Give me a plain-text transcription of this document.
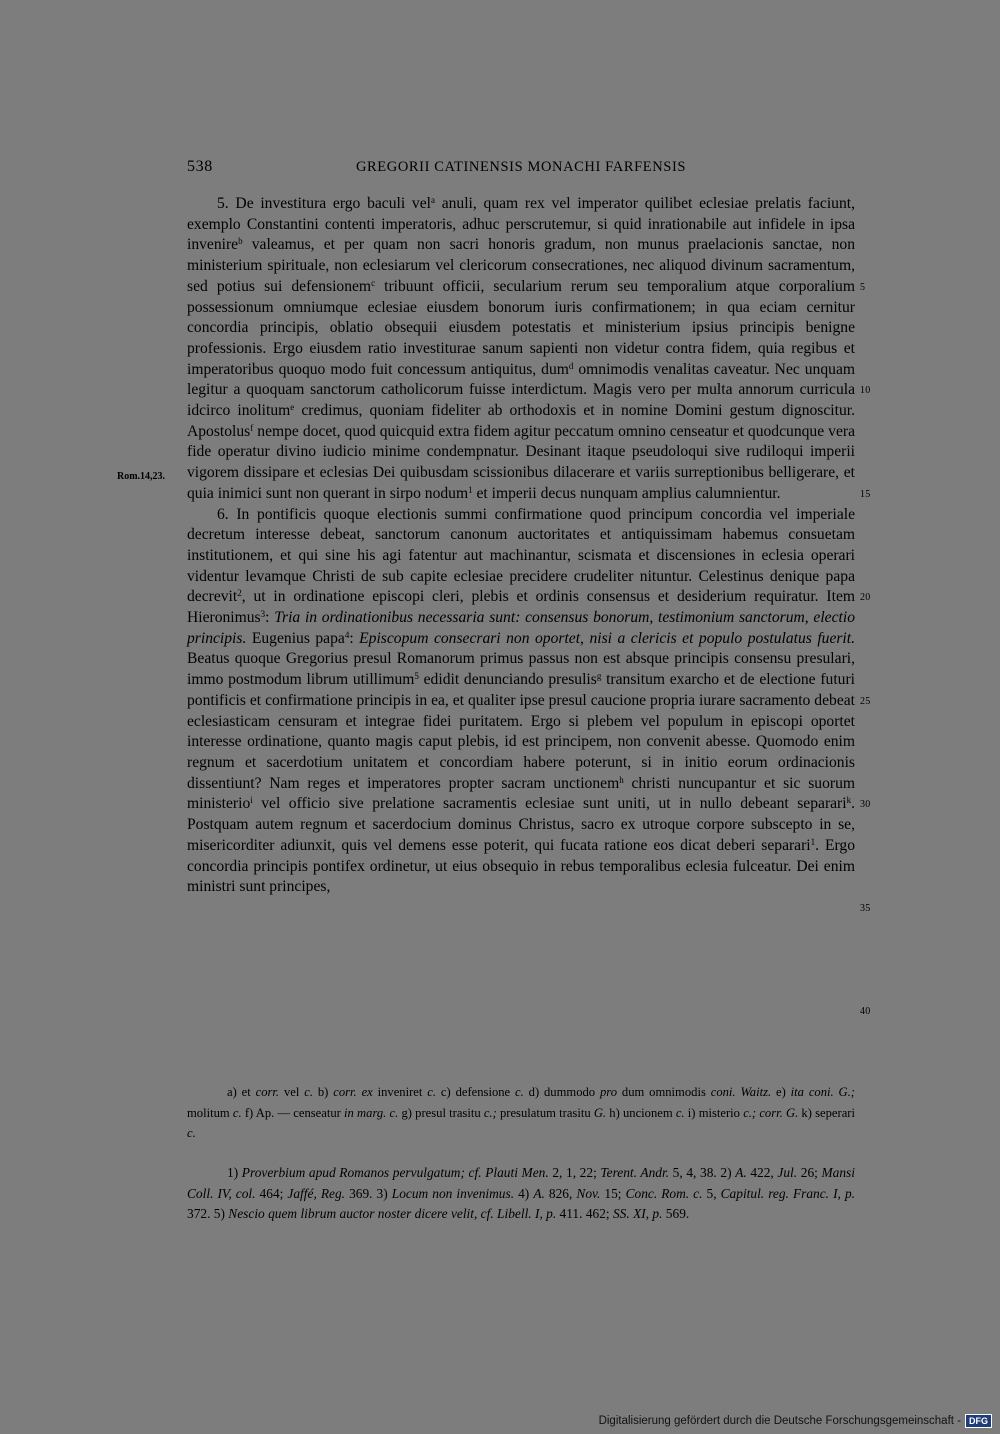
538	GREGORII CATINENSIS MONACHI FARFENSIS

5. De investitura ergo baculi vel$^a$ anuli, quam rex vel imperator quilibet eclesiae prelatis faciunt, exemplo Constantini contenti imperatoris, adhuc perscrutemur, si quid inrationabile aut infidele in ipsa invenire$^b$ valeamus, et per quam non sacri honoris gradum, non munus praelacionis sanctae, non ministerium spirituale, non eclesiarum vel clericorum consecrationes, nec aliquod divinum sacramentum, sed potius sui defensionem$^c$ tribuunt officii, secularium rerum seu temporalium atque corporalium possessionum omniumque eclesiae eiusdem bonorum iuris confirmationem; in qua eciam cernitur concordia principis, oblatio obsequii eiusdem potestatis et ministerium ipsius principis benigne professionis. Ergo eiusdem ratio investiturae sanum sapienti non videtur contra fidem, quia regibus et imperatoribus quoquo modo fuit concessum antiquitus, dum$^d$ omnimodis venalitas caveatur. Nec unquam legitur a quoquam sanctorum catholicorum fuisse interdictum. Magis vero per multa annorum curricula idcirco inolitum$^e$ credimus, quoniam fideliter ab orthodoxis et in nomine Domini gestum dignoscitur. Apostolus$^f$ nempe docet, quod quicquid extra fidem agitur peccatum omnino censeatur et quodcunque vera fide operatur divino iudicio minime condempnatur. Desinant itaque pseudoloqui sive rudiloqui imperii vigorem dissipare et eclesias Dei quibusdam scissionibus dilacerare et variis surreptionibus belligerare, et quia inimici sunt non querant in sirpo nodum$^1$ et imperii decus nunquam amplius calumnientur.

6. In pontificis quoque electionis summi confirmatione quod principum concordia vel imperiale decretum interesse debeat, sanctorum canonum auctoritates et antiquissimam habemus consuetam institutionem, et qui sine his agi fatentur aut machinantur, scismata et discensiones in eclesia operari videntur levamque Christi de sub capite eclesiae precidere crudeliter nituntur. Celestinus denique papa decrevit$^2$, ut in ordinatione episcopi cleri, plebis et ordinis consensus et desiderium requiratur. Item Hieronimus$^3$: Tria in ordinationibus necessaria sunt: consensus bonorum, testimonium sanctorum, electio principis. Eugenius papa$^4$: Episcopum consecrari non oportet, nisi a clericis et populo postulatus fuerit. Beatus quoque Gregorius presul Romanorum primus passus non est absque principis consensu presulari, immo postmodum librum utillimum$^5$ edidit denunciando presulis$^g$ transitum exarcho et de electione futuri pontificis et confirmatione principis in ea, et qualiter ipse presul caucione propria iurare sacramento debeat eclesiasticam censuram et integrae fidei puritatem. Ergo si plebem vel populum in episcopi oportet interesse ordinatione, quanto magis caput plebis, id est principem, non convenit abesse. Quomodo enim regnum et sacerdotium unitatem et concordiam habere poterunt, si in initio eorum ordinacionis dissentiunt? Nam reges et imperatores propter sacram unctionem$^h$ christi nuncupantur et sic suorum ministerio$^i$ vel officio sive prelatione sacramentis eclesiae sunt uniti, ut in nullo debeant separari$^k$. Postquam autem regnum et sacerdocium dominus Christus, sacro ex utroque corpore subscepto in se, misericorditer adiunxit, quis vel demens esse poterit, qui fucata ratione eos dicat deberi separari$^1$. Ergo concordia principis pontifex ordinetur, ut eius obsequio in rebus temporalibus eclesia fulceatur. Dei enim ministri sunt principes,

5
10
15
20
25
30
35
40
Rom.14,23.
a) et corr. vel c. b) corr. ex inveniret c. c) defensione c. d) dummodo pro dum omnimodis coni. Waitz. e) ita coni. G.; molitum c. f) Ap. — censeatur in marg. c. g) presul trasitu c.; presulatum trasitu G. h) uncionem c. i) misterio c.; corr. G. k) seperari c.
1) Proverbium apud Romanos pervulgatum; cf. Plauti Men. 2, 1, 22; Terent. Andr. 5, 4, 38. 2) A. 422, Jul. 26; Mansi Coll. IV, col. 464; Jaffé, Reg. 369. 3) Locum non invenimus. 4) A. 826, Nov. 15; Conc. Rom. c. 5, Capitul. reg. Franc. I, p. 372. 5) Nescio quem librum auctor noster dicere velit, cf. Libell. I, p. 411. 462; SS. XI, p. 569.
Digitalisierung gefördert durch die Deutsche Forschungsgemeinschaft - DFG
